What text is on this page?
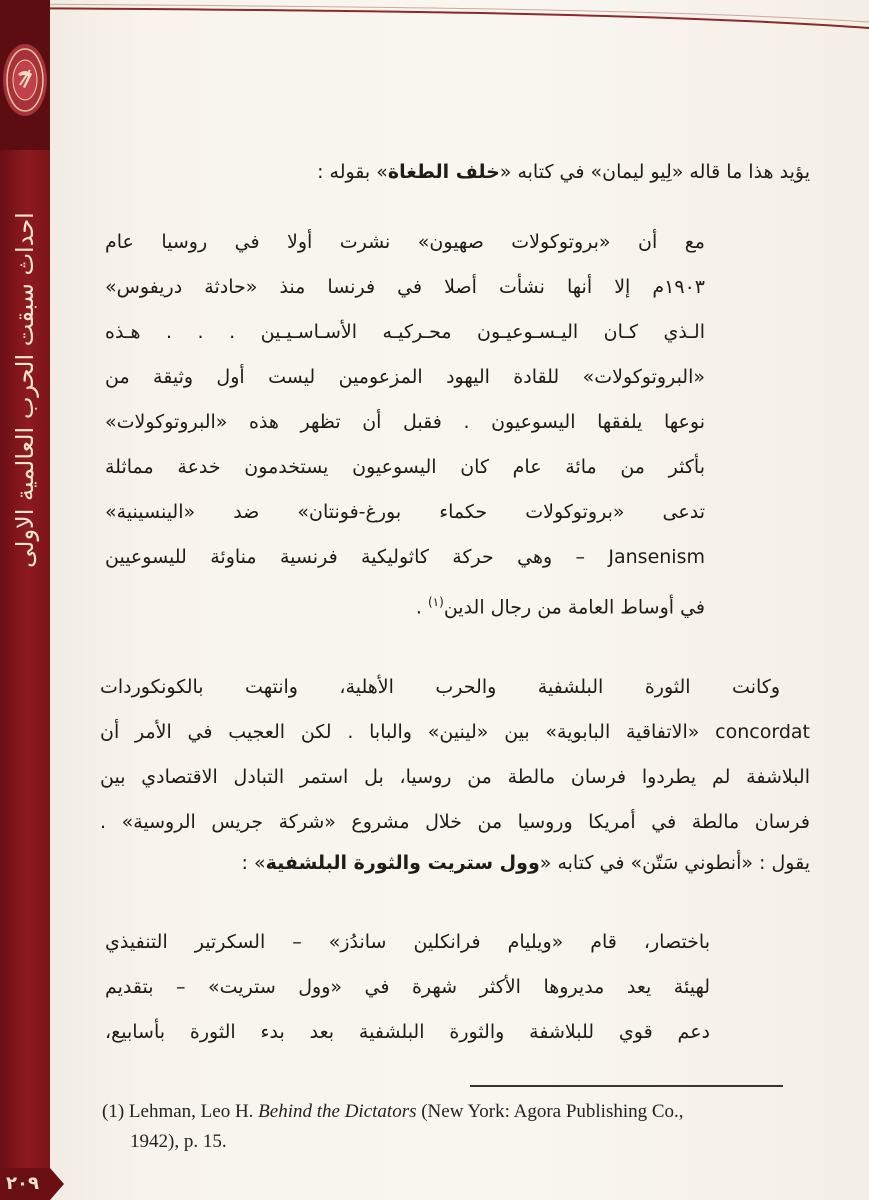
احداث سبقت الحرب العالمية الاولى
٢٠٩
يؤيد هذا ما قاله «لِيو ليمان» في كتابه «خلف الطغاة» بقوله :
مع أن «بروتوكولات صهيون» نشرت أولا في روسيا عام
١٩٠٣م إلا أنها نشأت أصلا في فرنسا منذ «حادثة دريفوس»
الـذي كـان اليـسـوعيـون محـركيـه الأسـاسـيـين . . . هـذه
«البروتوكولات» للقادة اليهود المزعومين ليست أول وثيقة من
نوعها يلفقها اليسوعيون . فقبل أن تظهر هذه «البروتوكولات»
بأكثر من مائة عام كان اليسوعيون يستخدمون خدعة مماثلة
تدعى «بروتوكولات حكماء بورغ-فونتان» ضد «الينسينية»
Jansenism – وهي حركة كاثوليكية فرنسية مناوئة لليسوعيين
في أوساط العامة من رجال الدين$^{(١)}$ .
وكانت الثورة البلشفية والحرب الأهلية، وانتهت بالكونكوردات
concordat «الاتفاقية البابوية» بين «لينين» والبابا . لكن العجيب في الأمر أن
البلاشفة لم يطردوا فرسان مالطة من روسيا، بل استمر التبادل الاقتصادي بين
فرسان مالطة في أمريكا وروسيا من خلال مشروع «شركة جريس الروسية» .
يقول : «أنطوني سَتّن» في كتابه «وول ستريت والثورة البلشفية» :
باختصار، قام «ويليام فرانكلين ساندُز» – السكرتير التنفيذي
لهيئة يعد مديروها الأكثر شهرة في «وول ستريت» – بتقديم
دعم قوي للبلاشفة والثورة البلشفية بعد بدء الثورة بأسابيع،
(1) Lehman, Leo H. Behind the Dictators (New York: Agora Publishing Co.,
1942), p. 15.
